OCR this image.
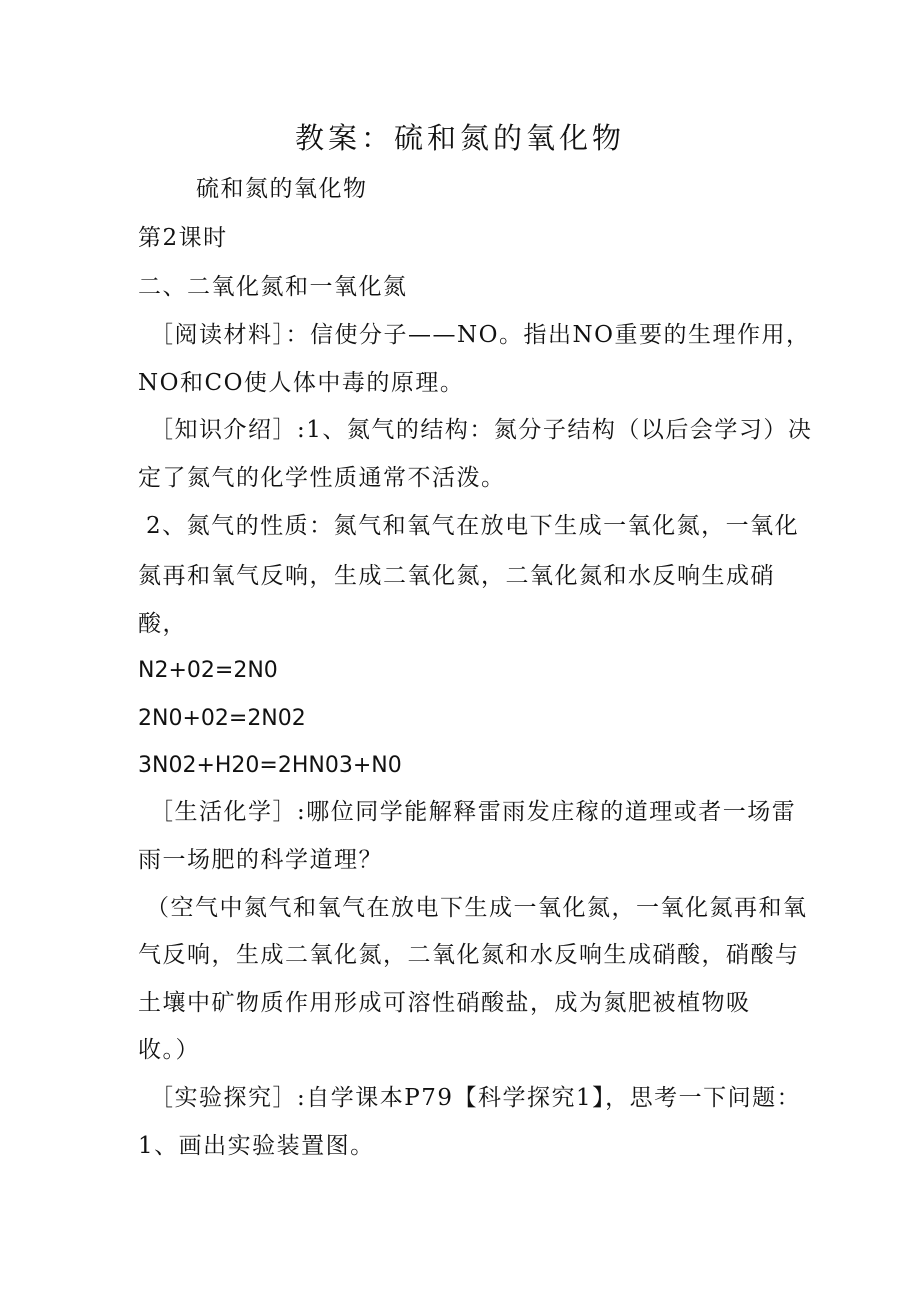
教案：硫和氮的氧化物
硫和氮的氧化物
第2课时
二、二氧化氮和一氧化氮
［阅读材料］：信使分子——NO。指出NO重要的生理作用，
NO和CO使人体中毒的原理。
［知识介绍］:1、氮气的结构：氮分子结构（以后会学习）决
定了氮气的化学性质通常不活泼。
2、氮气的性质：氮气和氧气在放电下生成一氧化氮，一氧化
氮再和氧气反响，生成二氧化氮，二氧化氮和水反响生成硝
酸，
N2+02=2N0
2N0+02=2N02
3N02+H20=2HN03+N0
［生活化学］:哪位同学能解释雷雨发庄稼的道理或者一场雷
雨一场肥的科学道理？
（空气中氮气和氧气在放电下生成一氧化氮，一氧化氮再和氧
气反响，生成二氧化氮，二氧化氮和水反响生成硝酸，硝酸与
土壤中矿物质作用形成可溶性硝酸盐，成为氮肥被植物吸
收。）
［实验探究］:自学课本P79【科学探究1】，思考一下问题：
1、画出实验装置图。
